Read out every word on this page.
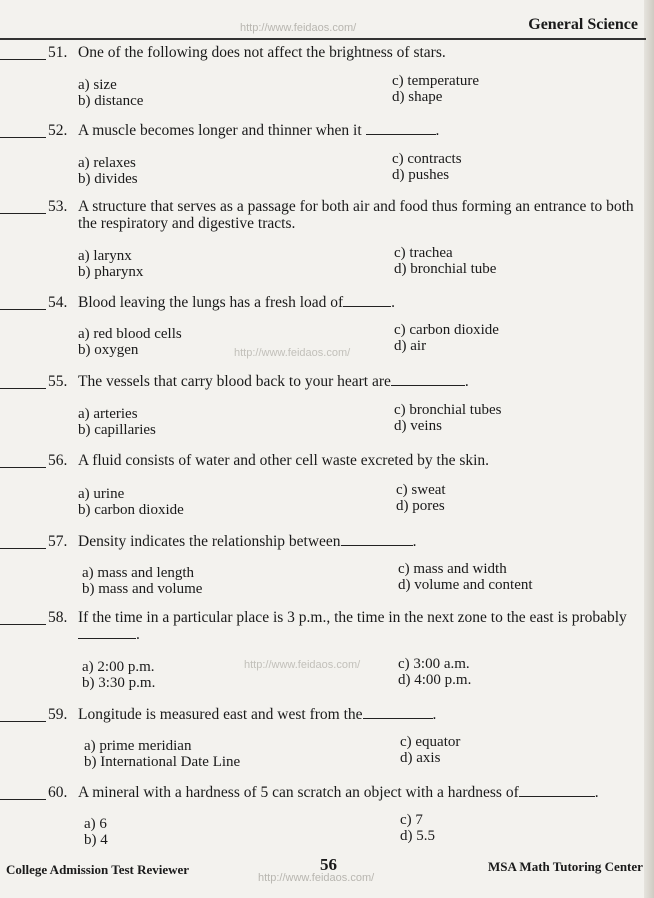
http://www.feidaos.com/	General Science
51. One of the following does not affect the brightness of stars.
a) size
b) distance
c) temperature
d) shape
52. A muscle becomes longer and thinner when it	.
a) relaxes
b) divides
c) contracts
d) pushes
53. A structure that serves as a passage for both air and food thus forming an entrance to both the respiratory and digestive tracts.
a) larynx
b) pharynx
c) trachea
d) bronchial tube
54. Blood leaving the lungs has a fresh load of	.
a) red blood cells
b) oxygen
c) carbon dioxide
d) air
55. The vessels that carry blood back to your heart are	.
a) arteries
b) capillaries
c) bronchial tubes
d) veins
56. A fluid consists of water and other cell waste excreted by the skin.
a) urine
b) carbon dioxide
c) sweat
d) pores
57. Density indicates the relationship between	.
a) mass and length
b) mass and volume
c) mass and width
d) volume and content
58. If the time in a particular place is 3 p.m., the time in the next zone to the east is probably .
a) 2:00 p.m.
b) 3:30 p.m.
c) 3:00 a.m.
d) 4:00 p.m.
59. Longitude is measured east and west from the	.
a) prime meridian
b) International Date Line
c) equator
d) axis
60. A mineral with a hardness of 5 can scratch an object with a hardness of	.
a) 6
b) 4
c) 7
d) 5.5
http://www.feidaos.com/
http://www.feidaos.com/
College Admission Test Reviewer	56	MSA Math Tutoring Center
http://www.feidaos.com/
